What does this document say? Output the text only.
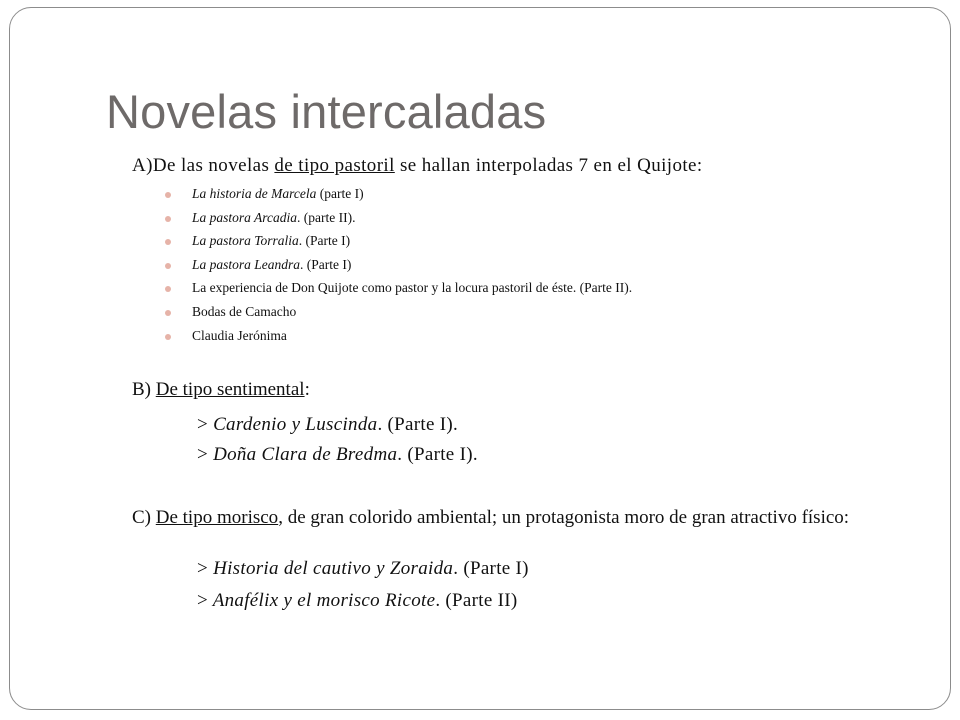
Novelas intercaladas
A)De las novelas de tipo pastoril se hallan interpoladas 7 en el Quijote:
La historia de Marcela (parte I)
La pastora Arcadia. (parte II).
La pastora Torralia. (Parte I)
La pastora Leandra. (Parte I)
La experiencia de Don Quijote como pastor y la locura pastoril de éste. (Parte II).
Bodas de Camacho
Claudia Jerónima
B) De tipo sentimental:
> Cardenio y Luscinda. (Parte I).
> Doña Clara de Bredma. (Parte I).
C) De tipo morisco, de gran colorido ambiental; un protagonista moro de gran atractivo físico:
> Historia del cautivo y Zoraida. (Parte I)
> Anafélix y el morisco Ricote. (Parte II)
